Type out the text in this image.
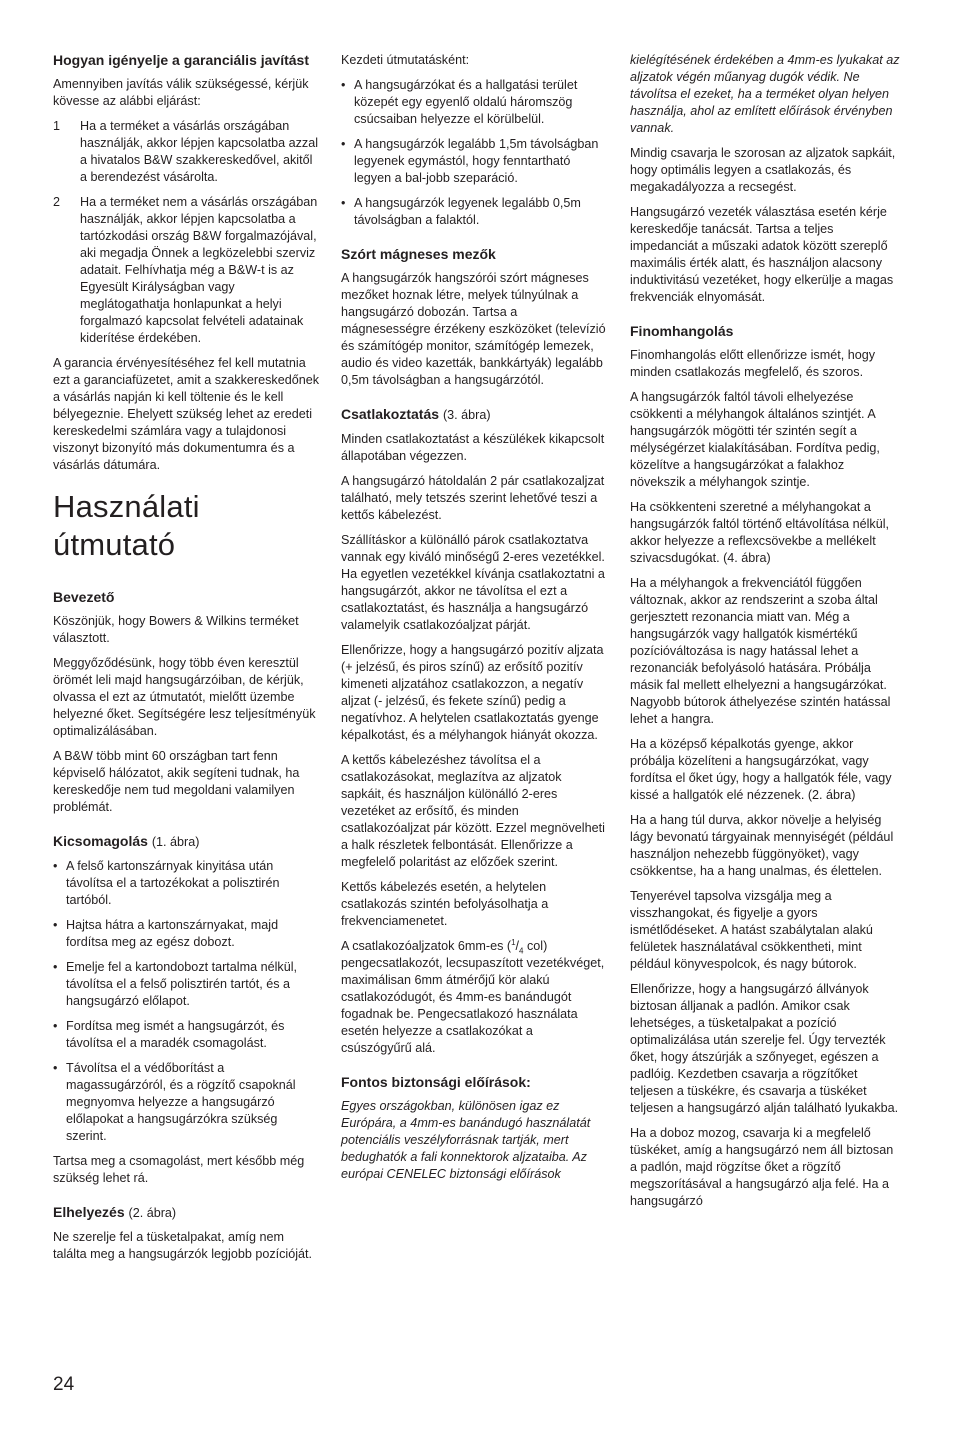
Hogyan igényelje a garanciális javítást

Amennyiben javítás válik szükségessé, kérjük kövesse az alábbi eljárást:

1	Ha a terméket a vásárlás országában használják, akkor lépjen kapcsolatba azzal a hivatalos B&W szakkereskedővel, akitől a berendezést vásárolta.
2	Ha a terméket nem a vásárlás országában használják, akkor lépjen kapcsolatba a tartózkodási ország B&W forgalmazójával, aki megadja Önnek a legközelebbi szerviz adatait. Felhívhatja még a B&W-t is az Egyesült Királyságban vagy meglátogathatja honlapunkat a helyi forgalmazó kapcsolat felvételi adatainak kiderítése érdekében.

A garancia érvényesítéséhez fel kell mutatnia ezt a garanciafüzetet, amit a szakkereskedőnek a vásárlás napján ki kell töltenie és le kell bélyegeznie. Ehelyett szükség lehet az eredeti kereskedelmi számlára vagy a tulajdonosi viszonyt bizonyító más dokumentumra és a vásárlás dátumára.

Használati útmutató
Bevezető

Köszönjük, hogy Bowers & Wilkins terméket választott.

Meggyőződésünk, hogy több éven keresztül örömét leli majd hangsugárzóiban, de kérjük, olvassa el ezt az útmutatót, mielőtt üzembe helyezné őket. Segítségére lesz teljesítményük optimalizálásában.

A B&W több mint 60 országban tart fenn képviselő hálózatot, akik segíteni tudnak, ha kereskedője nem tud megoldani valamilyen problémát.

Kicsomagolás (1. ábra)
• A felső kartonszárnyak kinyitása után távolítsa el a tartozékokat a polisztirén tartóból.
• Hajtsa hátra a kartonszárnyakat, majd fordítsa meg az egész dobozt.
• Emelje fel a kartondobozt tartalma nélkül, távolítsa el a felső polisztirén tartót, és a hangsugárzó előlapot.
• Fordítsa meg ismét a hangsugárzót, és távolítsa el a maradék csomagolást.
• Távolítsa el a védőborítást a magassugárzóról, és a rögzítő csapoknál megnyomva helyezze a hangsugárzó előlapokat a hangsugárzókra szükség szerint.

Tartsa meg a csomagolást, mert később még szükség lehet rá.

Elhelyezés (2. ábra)

Ne szerelje fel a tüsketalpakat, amíg nem találta meg a hangsugárzók legjobb pozícióját.

Kezdeti útmutatásként:

• A hangsugárzókat és a hallgatási terület közepét egy egyenlő oldalú háromszög csúcsaiban helyezze el körülbelül.
• A hangsugárzók legalább 1,5m távolságban legyenek egymástól, hogy fenntartható legyen a bal-jobb szeparáció.
• A hangsugárzók legyenek legalább 0,5m távolságban a falaktól.
Szórt mágneses mezők

A hangsugárzók hangszórói szórt mágneses mezőket hoznak létre, melyek túlnyúlnak a hangsugárzó dobozán. Tartsa a mágnesességre érzékeny eszközöket (televízió és számítógép monitor, számítógép lemezek, audio és video kazetták, bankkártyák) legalább 0,5m távolságban a hangsugárzótól.

Csatlakoztatás (3. ábra)

Minden csatlakoztatást a készülékek kikapcsolt állapotában végezzen.

A hangsugárzó hátoldalán 2 pár csatlakozaljzat található, mely tetszés szerint lehetővé teszi a kettős kábelezést.

Szállításkor a különálló párok csatlakoztatva vannak egy kiváló minőségű 2-eres vezetékkel. Ha egyetlen vezetékkel kívánja csatlakoztatni a hangsugárzót, akkor ne távolítsa el ezt a csatlakoztatást, és használja a hangsugárzó valamelyik csatlakozóaljzat párját.

Ellenőrizze, hogy a hangsugárzó pozitív aljzata (+ jelzésű, és piros színű) az erősítő pozitív kimeneti aljzatához csatlakozzon, a negatív aljzat (- jelzésű, és fekete színű) pedig a negatívhoz. A helytelen csatlakoztatás gyenge képalkotást, és a mélyhangok hiányát okozza.

A kettős kábelezéshez távolítsa el a csatlakozásokat, meglazítva az aljzatok sapkáit, és használjon különálló 2-eres vezetéket az erősítő, és minden csatlakozóaljzat pár között. Ezzel megnövelheti a halk részletek felbontását. Ellenőrizze a megfelelő polaritást az előzőek szerint.

Kettős kábelezés esetén, a helytelen csatlakozás szintén befolyásolhatja a frekvenciamenetet.

A csatlakozóaljzatok 6mm-es ($^1/_4$ col) pengecsatlakozót, lecsupaszított vezetékvéget, maximálisan 6mm átmérőjű kör alakú csatlakozódugót, és 4mm-es banándugót fogadnak be. Pengecsatlakozó használata esetén helyezze a csatlakozókat a csúszógyűrű alá.

Fontos biztonsági előírások:

Egyes országokban, különösen igaz ez Európára, a 4mm-es banándugó használatát potenciális veszélyforrásnak tartják, mert bedughatók a fali konnektorok aljzataiba. Az európai CENELEC biztonsági előírások

kielégítésének érdekében a 4mm-es lyukakat az aljzatok végén műanyag dugók védik. Ne távolítsa el ezeket, ha a terméket olyan helyen használja, ahol az említett előírások érvényben vannak.

Mindig csavarja le szorosan az aljzatok sapkáit, hogy optimális legyen a csatlakozás, és megakadályozza a recsegést.

Hangsugárzó vezeték választása esetén kérje kereskedője tanácsát. Tartsa a teljes impedanciát a műszaki adatok között szereplő maximális érték alatt, és használjon alacsony induktivitású vezetéket, hogy elkerülje a magas frekvenciák elnyomását.

Finomhangolás

Finomhangolás előtt ellenőrizze ismét, hogy minden csatlakozás megfelelő, és szoros.

A hangsugárzók faltól távoli elhelyezése csökkenti a mélyhangok általános szintjét. A hangsugárzók mögötti tér szintén segít a mélységérzet kialakításában. Fordítva pedig, közelítve a hangsugárzókat a falakhoz növekszik a mélyhangok szintje.

Ha csökkenteni szeretné a mélyhangokat a hangsugárzók faltól történő eltávolítása nélkül, akkor helyezze a reflexcsövekbe a mellékelt szivacsdugókat. (4. ábra)

Ha a mélyhangok a frekvenciától függően változnak, akkor az rendszerint a szoba által gerjesztett rezonancia miatt van. Még a hangsugárzók vagy hallgatók kismértékű pozícióváltozása is nagy hatással lehet a rezonanciák befolyásoló hatására. Próbálja másik fal mellett elhelyezni a hangsugárzókat. Nagyobb bútorok áthelyezése szintén hatással lehet a hangra.

Ha a középső képalkotás gyenge, akkor próbálja közelíteni a hangsugárzókat, vagy fordítsa el őket úgy, hogy a hallgatók féle, vagy kissé a hallgatók elé nézzenek. (2. ábra)

Ha a hang túl durva, akkor növelje a helyiség lágy bevonatú tárgyainak mennyiségét (például használjon nehezebb függönyöket), vagy csökkentse, ha a hang unalmas, és élettelen.

Tenyerével tapsolva vizsgálja meg a visszhangokat, és figyelje a gyors ismétlődéseket. A hatást szabálytalan alakú felületek használatával csökkentheti, mint például könyvespolcok, és nagy bútorok.

Ellenőrizze, hogy a hangsugárzó állványok biztosan álljanak a padlón. Amikor csak lehetséges, a tüsketalpakat a pozíció optimalizálása után szerelje fel. Úgy tervezték őket, hogy átszúrják a szőnyeget, egészen a padlóig. Kezdetben csavarja a rögzítőket teljesen a tüskékre, és csavarja a tüskéket teljesen a hangsugárzó alján található lyukakba.

Ha a doboz mozog, csavarja ki a megfelelő tüskéket, amíg a hangsugárzó nem áll biztosan a padlón, majd rögzítse őket a rögzítő megszorításával a hangsugárzó alja felé. Ha a hangsugárzó

24
